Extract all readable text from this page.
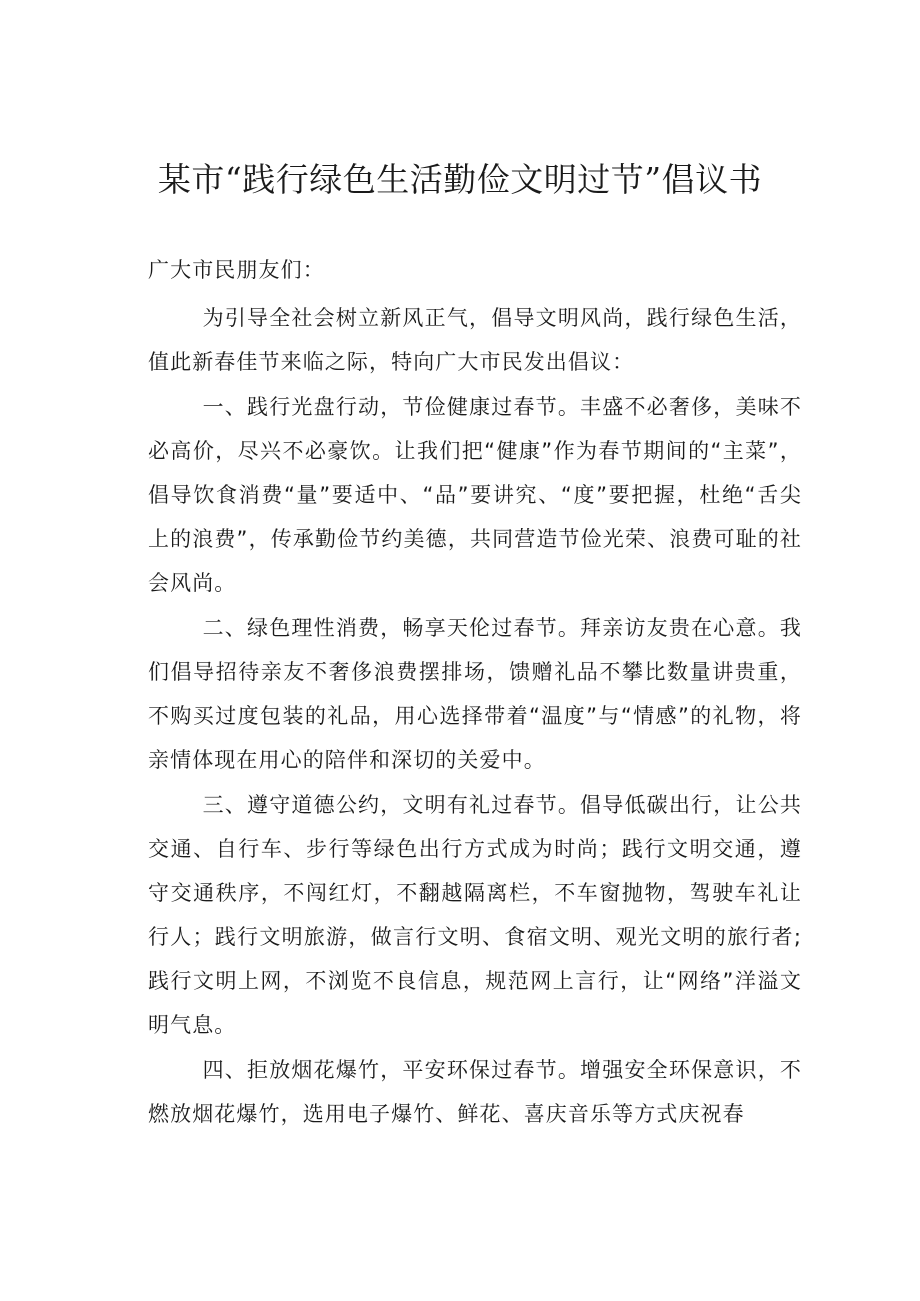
某市“践行绿色生活勤俭文明过节”倡议书

广大市民朋友们：

为引导全社会树立新风正气，倡导文明风尚，践行绿色生活，值此新春佳节来临之际，特向广大市民发出倡议：

一、践行光盘行动，节俭健康过春节。丰盛不必奢侈，美味不必高价，尽兴不必豪饮。让我们把“健康”作为春节期间的“主菜”，倡导饮食消费“量”要适中、“品”要讲究、“度”要把握，杜绝“舌尖上的浪费”，传承勤俭节约美德，共同营造节俭光荣、浪费可耻的社会风尚。

二、绿色理性消费，畅享天伦过春节。拜亲访友贵在心意。我们倡导招待亲友不奢侈浪费摆排场，馈赠礼品不攀比数量讲贵重，不购买过度包装的礼品，用心选择带着“温度”与“情感”的礼物，将亲情体现在用心的陪伴和深切的关爱中。

三、遵守道德公约，文明有礼过春节。倡导低碳出行，让公共交通、自行车、步行等绿色出行方式成为时尚；践行文明交通，遵守交通秩序，不闯红灯，不翻越隔离栏，不车窗抛物，驾驶车礼让行人；践行文明旅游，做言行文明、食宿文明、观光文明的旅行者;践行文明上网，不浏览不良信息，规范网上言行，让“网络”洋溢文明气息。

四、拒放烟花爆竹，平安环保过春节。增强安全环保意识，不燃放烟花爆竹，选用电子爆竹、鲜花、喜庆音乐等方式庆祝春
